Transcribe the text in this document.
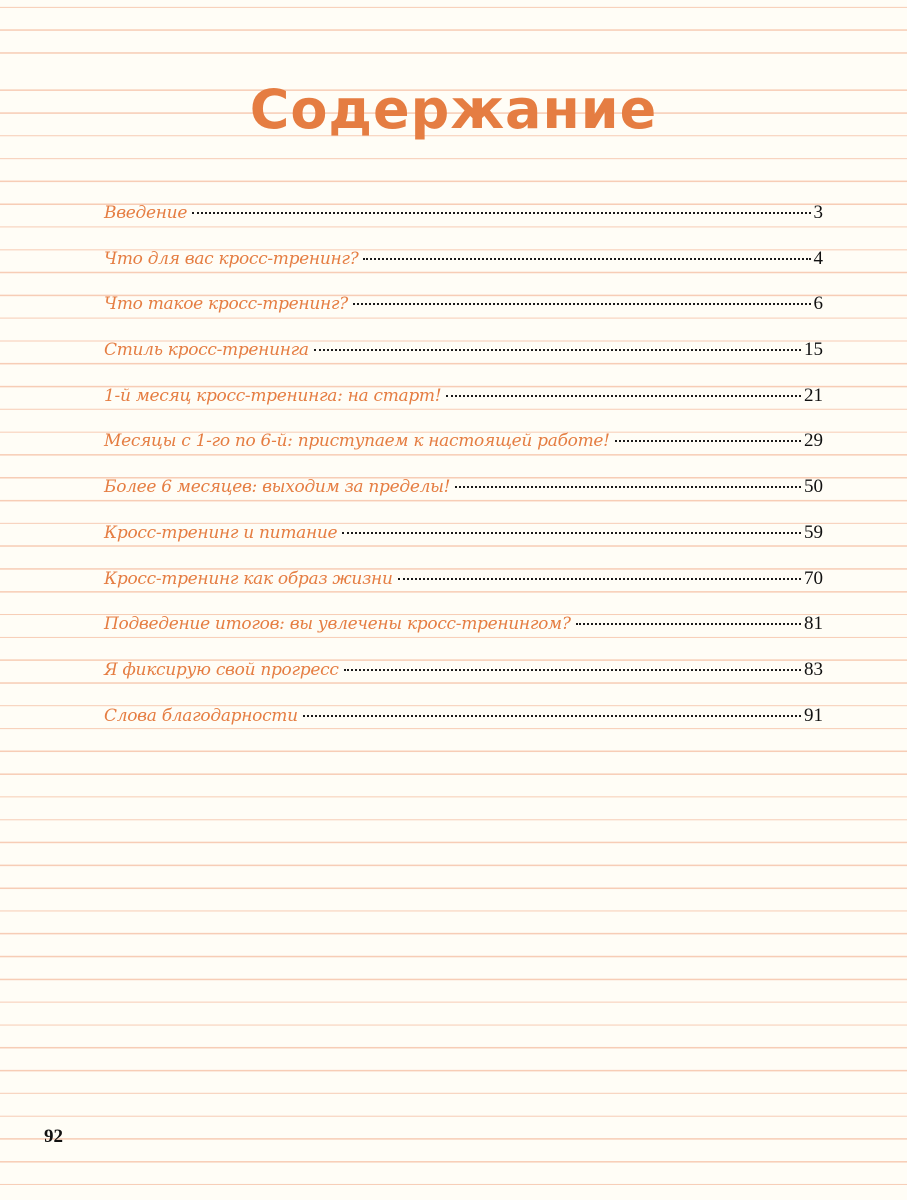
Содержание
Введение	3
Что для вас кросс-тренинг?	4
Что такое кросс-тренинг?	6
Стиль кросс-тренинга	15
1-й месяц кросс-тренинга: на старт!	21
Месяцы с 1-го по 6-й: приступаем к настоящей работе!	29
Более 6 месяцев: выходим за пределы!	50
Кросс-тренинг и питание	59
Кросс-тренинг как образ жизни	70
Подведение итогов: вы увлечены кросс-тренингом?	81
Я фиксирую свой прогресс	83
Слова благодарности	91
92
